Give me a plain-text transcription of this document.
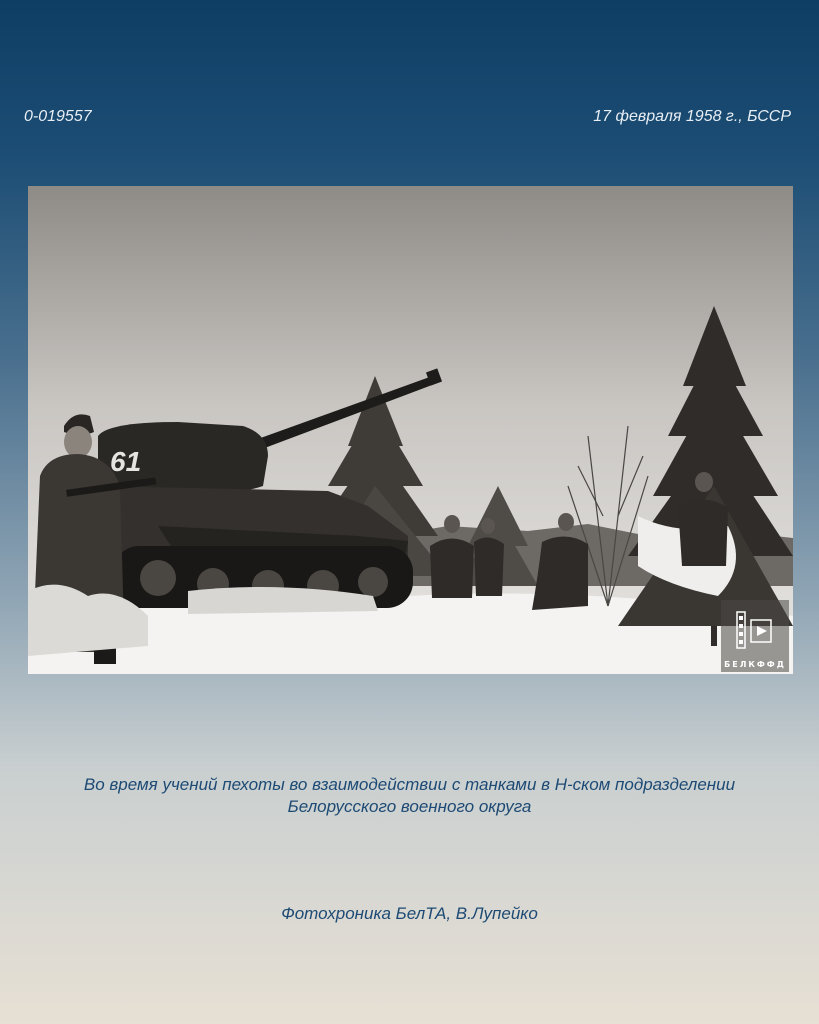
0-019557	17 февраля 1958 г., БССР
61
БЕЛКФФД
Во время учений пехоты во взаимодействии с танками в Н-ском подразделении
Белорусского военного округа
Фотохроника БелТА, В.Лупейко
